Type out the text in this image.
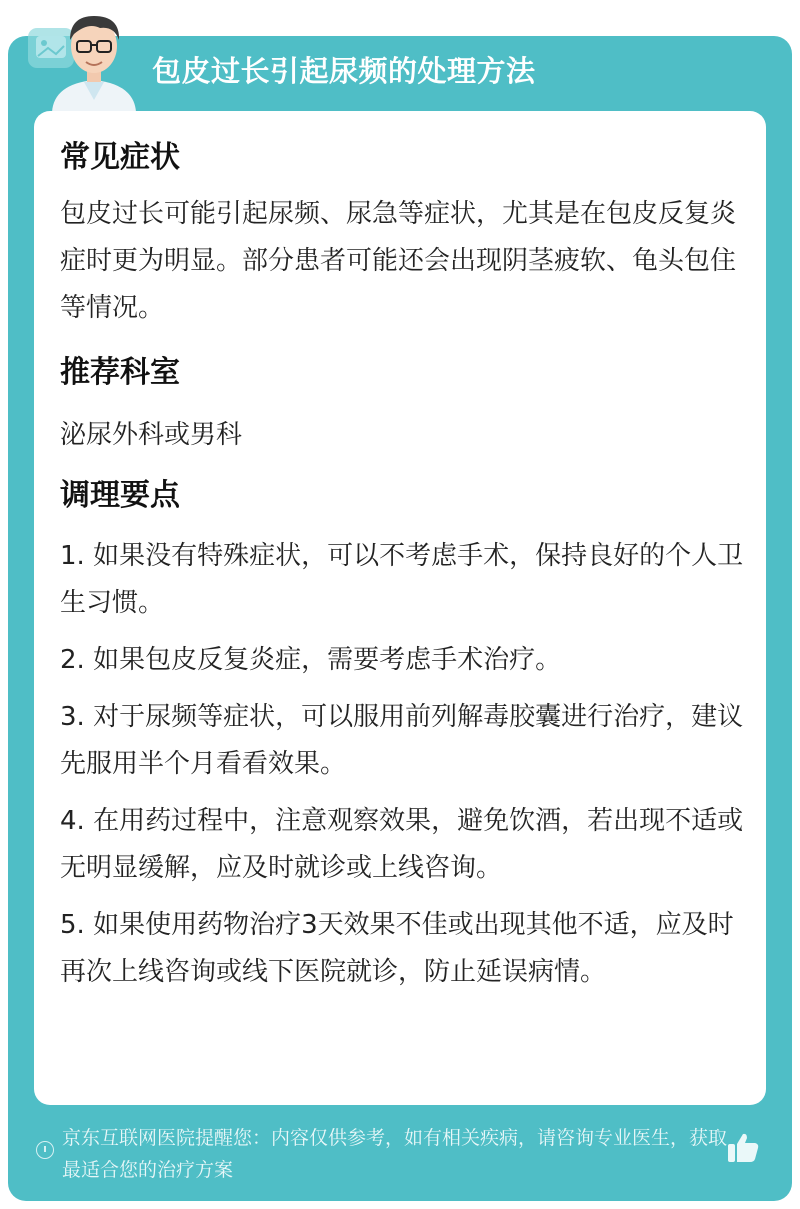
包皮过长引起尿频的处理方法
常见症状

包皮过长可能引起尿频、尿急等症状，尤其是在包皮反复炎症时更为明显。部分患者可能还会出现阴茎疲软、龟头包住等情况。

推荐科室

泌尿外科或男科

调理要点

1. 如果没有特殊症状，可以不考虑手术，保持良好的个人卫生习惯。

2. 如果包皮反复炎症，需要考虑手术治疗。

3. 对于尿频等症状，可以服用前列解毒胶囊进行治疗，建议先服用半个月看看效果。

4. 在用药过程中，注意观察效果，避免饮酒，若出现不适或无明显缓解，应及时就诊或上线咨询。

5. 如果使用药物治疗3天效果不佳或出现其他不适，应及时再次上线咨询或线下医院就诊，防止延误病情。

京东互联网医院提醒您：内容仅供参考，如有相关疾病，请咨询专业医生，获取最适合您的治疗方案
